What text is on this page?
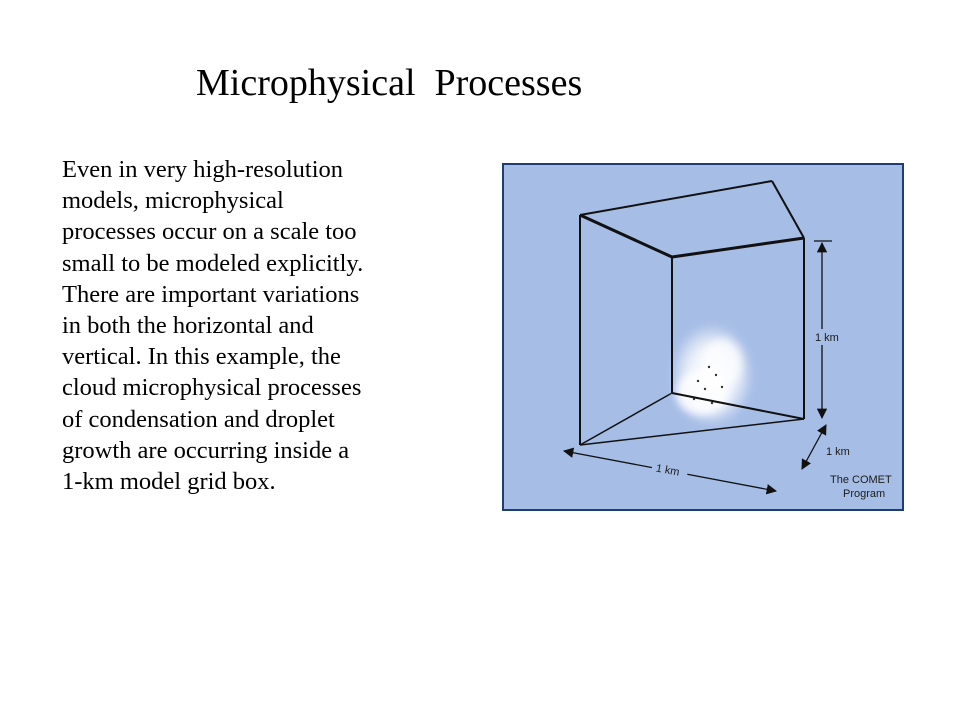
Microphysical  Processes
Even in very high-resolution
models, microphysical
processes occur on a scale too
small to be modeled explicitly.
There are important variations
in both the horizontal and
vertical. In this example, the
cloud microphysical processes
of condensation and droplet
growth are occurring inside a
1-km model grid box.
1 km
1 km
1 km
The COMET
Program
